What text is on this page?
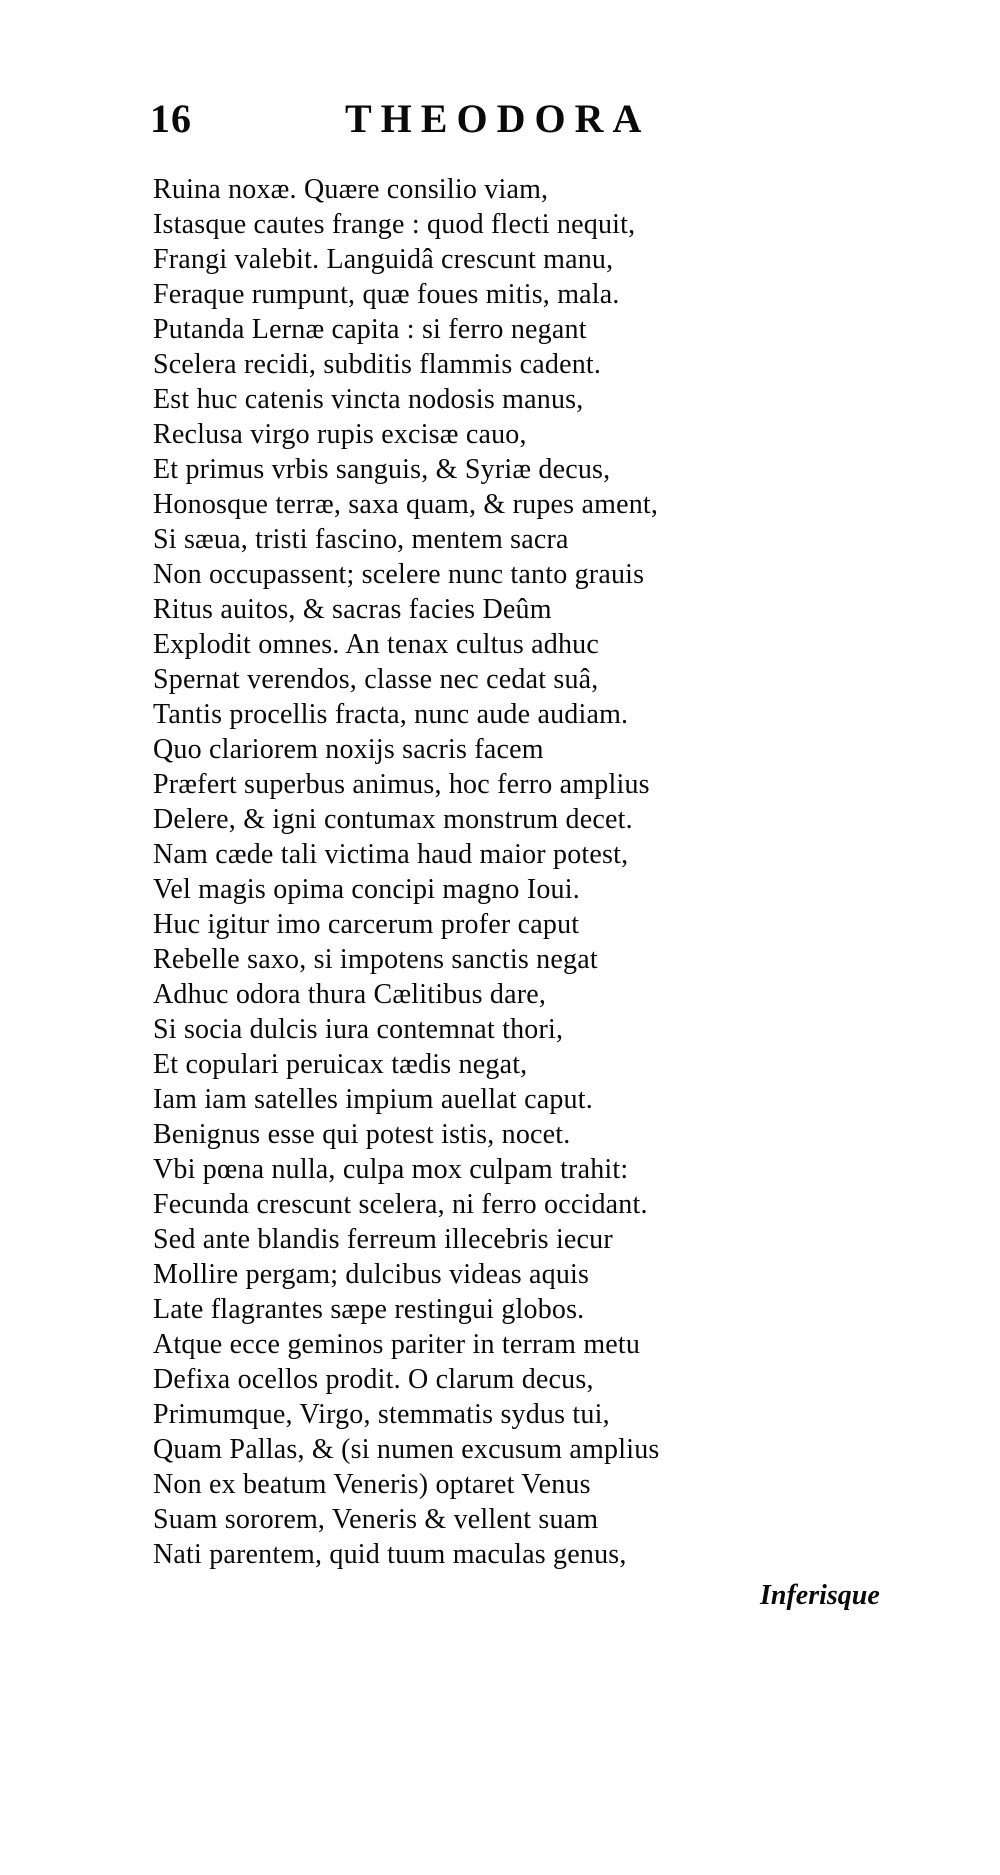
16	THEODORA
Ruina noxæ. Quære consilio viam,
Istasque cautes frange : quod flecti nequit,
Frangi valebit. Languidâ crescunt manu,
Feraque rumpunt, quæ foues mitis, mala.
Putanda Lernæ capita : si ferro negant
Scelera recidi, subditis flammis cadent.
Est huc catenis vincta nodosis manus,
Reclusa virgo rupis excisæ cauo,
Et primus vrbis sanguis, & Syriæ decus,
Honosque terræ, saxa quam, & rupes ament,
Si sæua, tristi fascino, mentem sacra
Non occupassent; scelere nunc tanto grauis
Ritus auitos, & sacras facies Deûm
Explodit omnes. An tenax cultus adhuc
Spernat verendos, classe nec cedat suâ,
Tantis procellis fracta, nunc aude audiam.
Quo clariorem noxijs sacris facem
Præfert superbus animus, hoc ferro amplius
Delere, & igni contumax monstrum decet.
Nam cæde tali victima haud maior potest,
Vel magis opima concipi magno Ioui.
Huc igitur imo carcerum profer caput
Rebelle saxo, si impotens sanctis negat
Adhuc odora thura Cælitibus dare,
Si socia dulcis iura contemnat thori,
Et copulari peruicax tædis negat,
Iam iam satelles impium auellat caput.
Benignus esse qui potest istis, nocet.
Vbi pœna nulla, culpa mox culpam trahit:
Fecunda crescunt scelera, ni ferro occidant.
Sed ante blandis ferreum illecebris iecur
Mollire pergam; dulcibus videas aquis
Late flagrantes sæpe restingui globos.
Atque ecce geminos pariter in terram metu
Defixa ocellos prodit. O clarum decus,
Primumque, Virgo, stemmatis sydus tui,
Quam Pallas, & (si numen excusum amplius
Non ex beatum Veneris) optaret Venus
Suam sororem, Veneris & vellent suam
Nati parentem, quid tuum maculas genus,
Inferisque
